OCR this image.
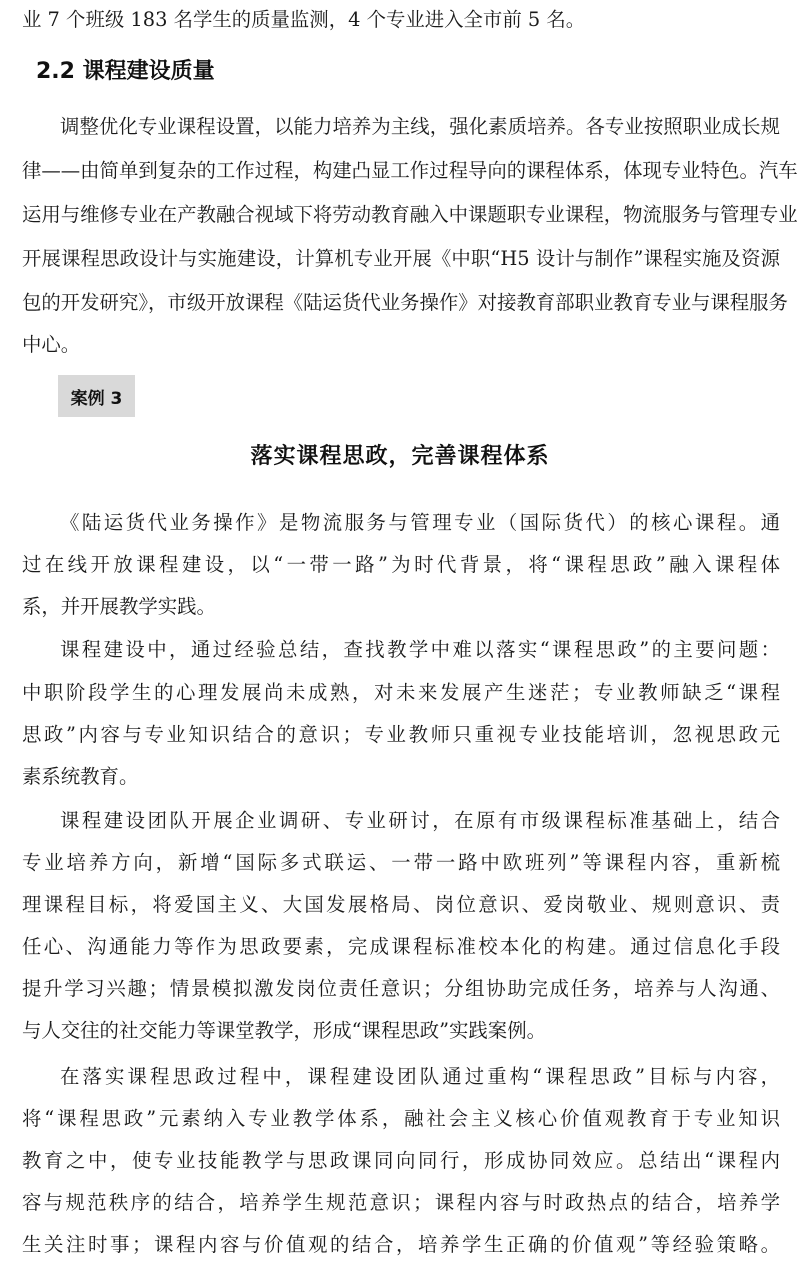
业 7 个班级 183 名学生的质量监测，4 个专业进入全市前 5 名。
2.2 课程建设质量
调整优化专业课程设置，以能力培养为主线，强化素质培养。各专业按照职业成长规
律——由简单到复杂的工作过程，构建凸显工作过程导向的课程体系，体现专业特色。汽车
运用与维修专业在产教融合视域下将劳动教育融入中课题职专业课程，物流服务与管理专业
开展课程思政设计与实施建设，计算机专业开展《中职“H5 设计与制作”课程实施及资源
包的开发研究》，市级开放课程《陆运货代业务操作》对接教育部职业教育专业与课程服务
中心。
案例 3
落实课程思政，完善课程体系
《陆运货代业务操作》是物流服务与管理专业（国际货代）的核心课程。通
过在线开放课程建设，以“一带一路”为时代背景，将“课程思政”融入课程体
系，并开展教学实践。
课程建设中，通过经验总结，查找教学中难以落实“课程思政”的主要问题：
中职阶段学生的心理发展尚未成熟，对未来发展产生迷茫；专业教师缺乏“课程
思政”内容与专业知识结合的意识；专业教师只重视专业技能培训，忽视思政元
素系统教育。
课程建设团队开展企业调研、专业研讨，在原有市级课程标准基础上，结合
专业培养方向，新增“国际多式联运、一带一路中欧班列”等课程内容，重新梳
理课程目标，将爱国主义、大国发展格局、岗位意识、爱岗敬业、规则意识、责
任心、沟通能力等作为思政要素，完成课程标准校本化的构建。通过信息化手段
提升学习兴趣；情景模拟激发岗位责任意识；分组协助完成任务，培养与人沟通、
与人交往的社交能力等课堂教学，形成“课程思政”实践案例。
在落实课程思政过程中，课程建设团队通过重构“课程思政”目标与内容，
将“课程思政”元素纳入专业教学体系，融社会主义核心价值观教育于专业知识
教育之中，使专业技能教学与思政课同向同行，形成协同效应。总结出“课程内
容与规范秩序的结合，培养学生规范意识；课程内容与时政热点的结合，培养学
生关注时事；课程内容与价值观的结合，培养学生正确的价值观”等经验策略。
